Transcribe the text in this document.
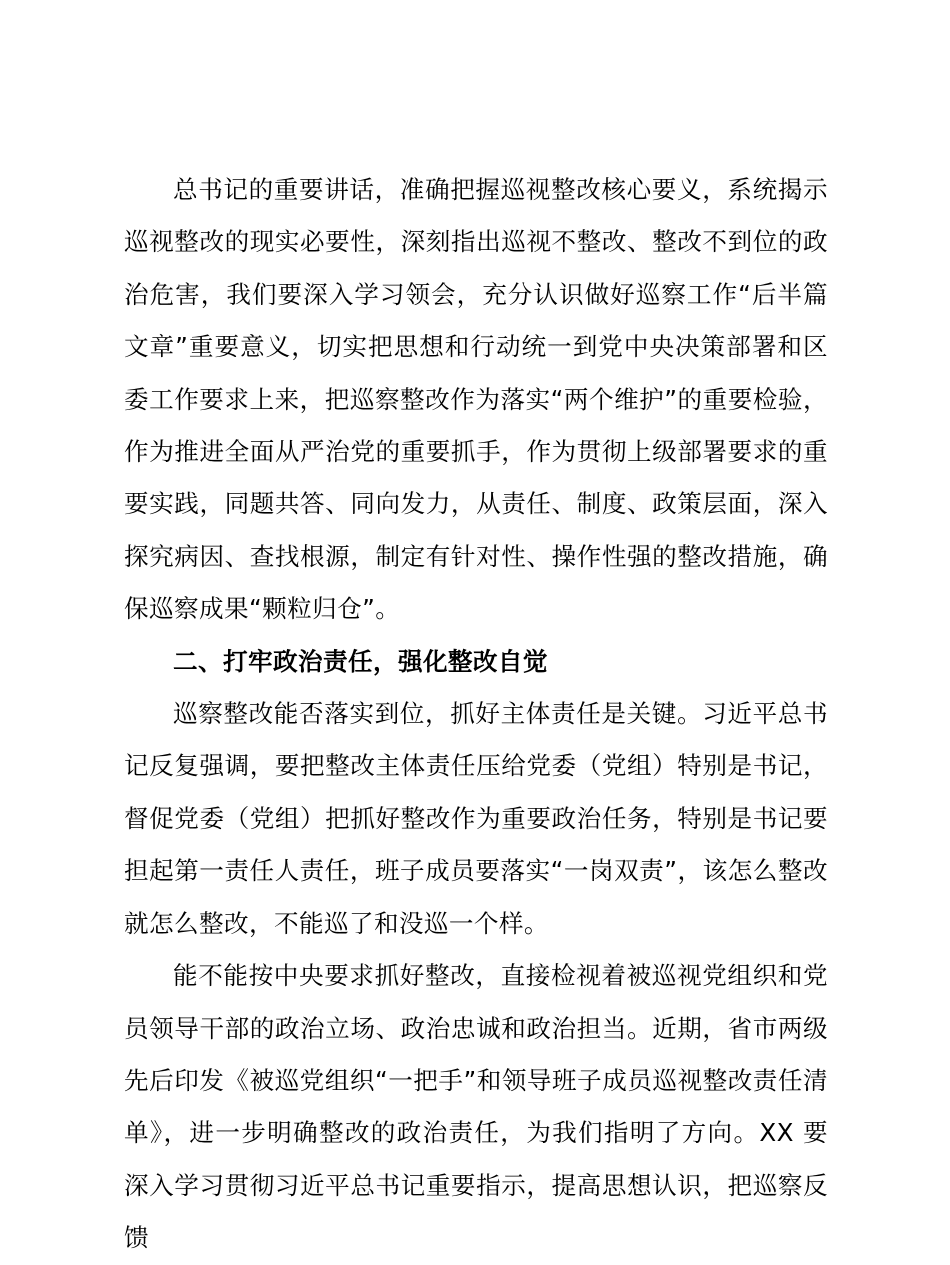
总书记的重要讲话，准确把握巡视整改核心要义，系统揭示巡视整改的现实必要性，深刻指出巡视不整改、整改不到位的政治危害，我们要深入学习领会，充分认识做好巡察工作“后半篇文章”重要意义，切实把思想和行动统一到党中央决策部署和区委工作要求上来，把巡察整改作为落实“两个维护”的重要检验，作为推进全面从严治党的重要抓手，作为贯彻上级部署要求的重要实践，同题共答、同向发力，从责任、制度、政策层面，深入探究病因、查找根源，制定有针对性、操作性强的整改措施，确保巡察成果“颗粒归仓”。

二、打牢政治责任，强化整改自觉

巡察整改能否落实到位，抓好主体责任是关键。习近平总书记反复强调，要把整改主体责任压给党委（党组）特别是书记，督促党委（党组）把抓好整改作为重要政治任务，特别是书记要担起第一责任人责任，班子成员要落实“一岗双责”，该怎么整改就怎么整改，不能巡了和没巡一个样。

能不能按中央要求抓好整改，直接检视着被巡视党组织和党员领导干部的政治立场、政治忠诚和政治担当。近期，省市两级先后印发《被巡党组织“一把手”和领导班子成员巡视整改责任清单》，进一步明确整改的政治责任，为我们指明了方向。XX 要深入学习贯彻习近平总书记重要指示，提高思想认识，把巡察反馈
